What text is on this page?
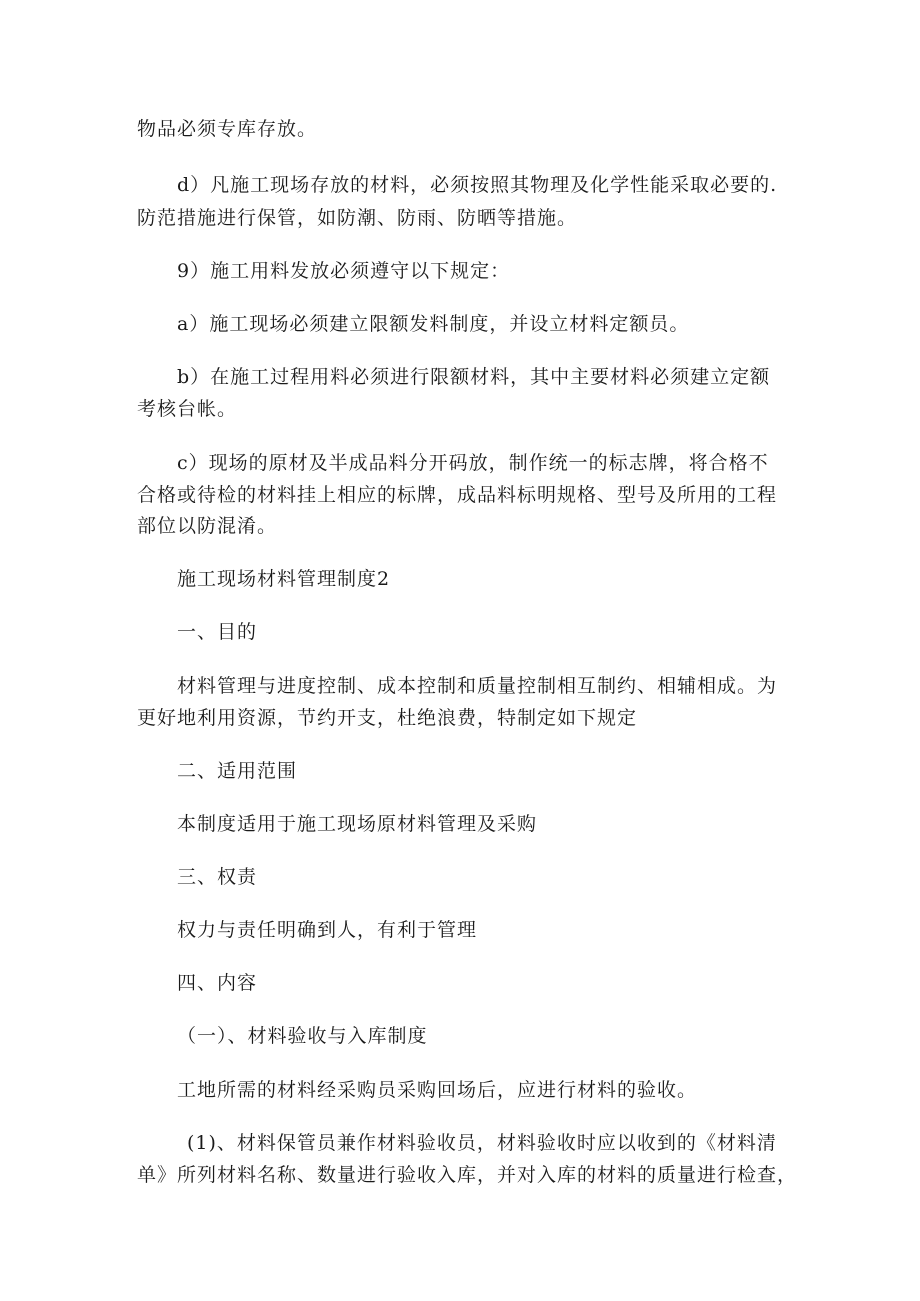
物品必须专库存放。
d）凡施工现场存放的材料，必须按照其物理及化学性能采取必要的.
防范措施进行保管，如防潮、防雨、防晒等措施。
9）施工用料发放必须遵守以下规定：
a）施工现场必须建立限额发料制度，并设立材料定额员。
b）在施工过程用料必须进行限额材料，其中主要材料必须建立定额
考核台帐。
c）现场的原材及半成品料分开码放，制作统一的标志牌，将合格不
合格或待检的材料挂上相应的标牌，成品料标明规格、型号及所用的工程
部位以防混淆。
施工现场材料管理制度2
一、目的
材料管理与进度控制、成本控制和质量控制相互制约、相辅相成。为
更好地利用资源，节约开支，杜绝浪费，特制定如下规定
二、适用范围
本制度适用于施工现场原材料管理及采购
三、权责
权力与责任明确到人，有利于管理
四、内容
（一）、材料验收与入库制度
工地所需的材料经采购员采购回场后，应进行材料的验收。
(1)、材料保管员兼作材料验收员，材料验收时应以收到的《材料清
单》所列材料名称、数量进行验收入库，并对入库的材料的质量进行检查，
